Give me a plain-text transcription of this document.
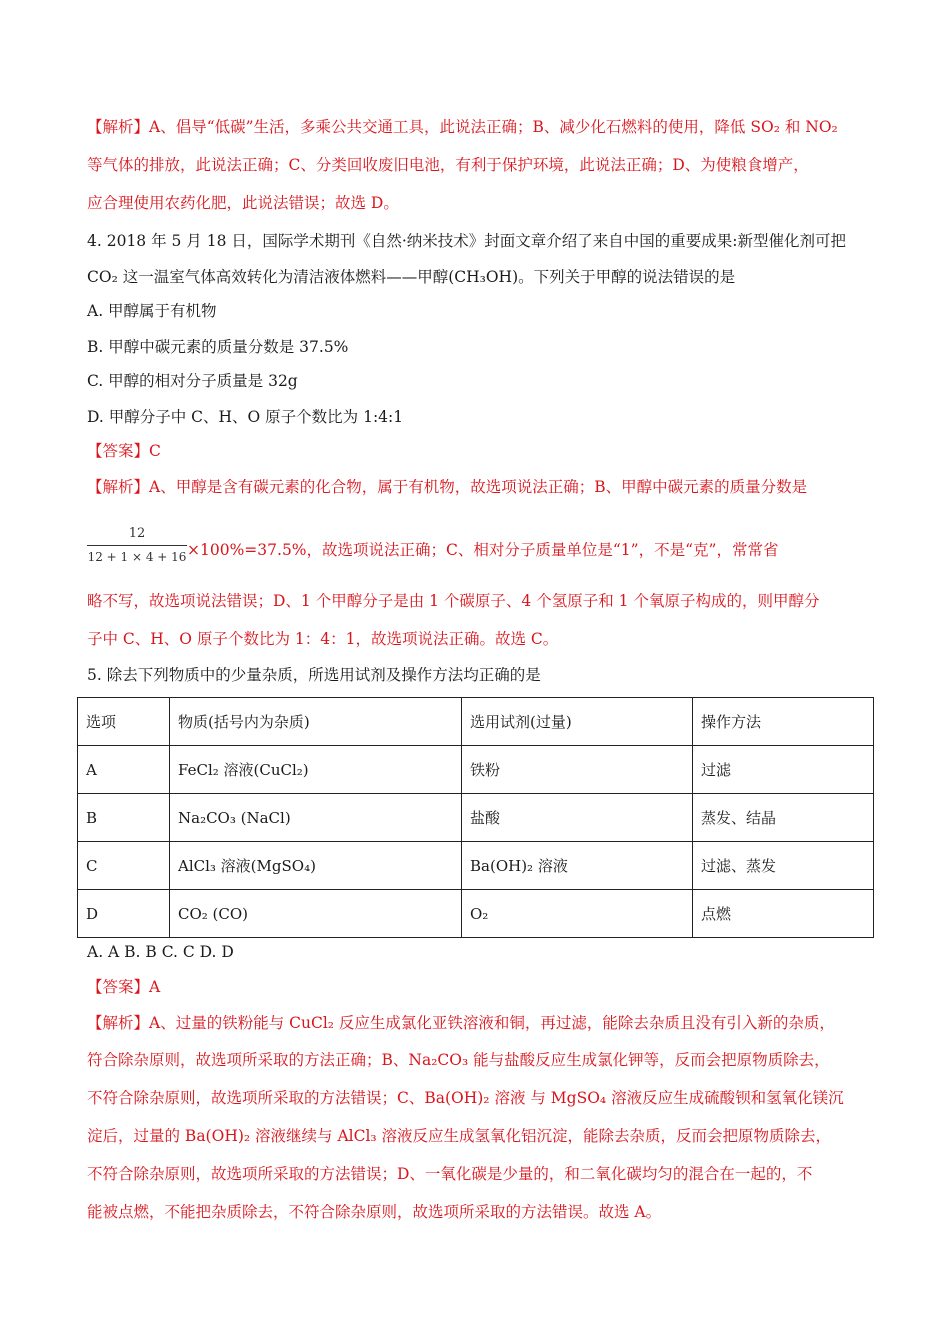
【解析】A、倡导“低碳”生活，多乘公共交通工具，此说法正确；B、减少化石燃料的使用，降低 SO₂ 和 NO₂
等气体的排放，此说法正确；C、分类回收废旧电池，有利于保护环境，此说法正确；D、为使粮食增产，
应合理使用农药化肥，此说法错误；故选 D。
4. 2018 年 5 月 18 日，国际学术期刊《自然·纳米技术》封面文章介绍了来自中国的重要成果:新型催化剂可把
CO₂ 这一温室气体高效转化为清洁液体燃料——甲醇(CH₃OH)。下列关于甲醇的说法错误的是
A. 甲醇属于有机物
B. 甲醇中碳元素的质量分数是 37.5%
C. 甲醇的相对分子质量是 32g
D. 甲醇分子中 C、H、O 原子个数比为 1:4:1
【答案】C
【解析】A、甲醇是含有碳元素的化合物，属于有机物，故选项说法正确；B、甲醇中碳元素的质量分数是
12
12 + 1 × 4 + 16 ×100%=37.5%，故选项说法正确；C、相对分子质量单位是“1”，不是“克”，常常省
略不写，故选项说法错误；D、1 个甲醇分子是由 1 个碳原子、4 个氢原子和 1 个氧原子构成的，则甲醇分
子中 C、H、O 原子个数比为 1：4：1，故选项说法正确。故选 C。
5. 除去下列物质中的少量杂质，所选用试剂及操作方法均正确的是
选项	物质(括号内为杂质)	选用试剂(过量)	操作方法
A	FeCl₂ 溶液(CuCl₂)	铁粉	过滤
B	Na₂CO₃ (NaCl)	盐酸	蒸发、结晶
C	AlCl₃ 溶液(MgSO₄)	Ba(OH)₂ 溶液	过滤、蒸发
D	CO₂ (CO)	O₂	点燃
A. A B. B C. C D. D
【答案】A
【解析】A、过量的铁粉能与 CuCl₂ 反应生成氯化亚铁溶液和铜，再过滤，能除去杂质且没有引入新的杂质，
符合除杂原则，故选项所采取的方法正确；B、Na₂CO₃ 能与盐酸反应生成氯化钾等，反而会把原物质除去，
不符合除杂原则，故选项所采取的方法错误；C、Ba(OH)₂ 溶液 与 MgSO₄ 溶液反应生成硫酸钡和氢氧化镁沉
淀后，过量的 Ba(OH)₂ 溶液继续与 AlCl₃ 溶液反应生成氢氧化铝沉淀，能除去杂质，反而会把原物质除去，
不符合除杂原则，故选项所采取的方法错误；D、一氧化碳是少量的，和二氧化碳均匀的混合在一起的，不
能被点燃，不能把杂质除去，不符合除杂原则，故选项所采取的方法错误。故选 A。
